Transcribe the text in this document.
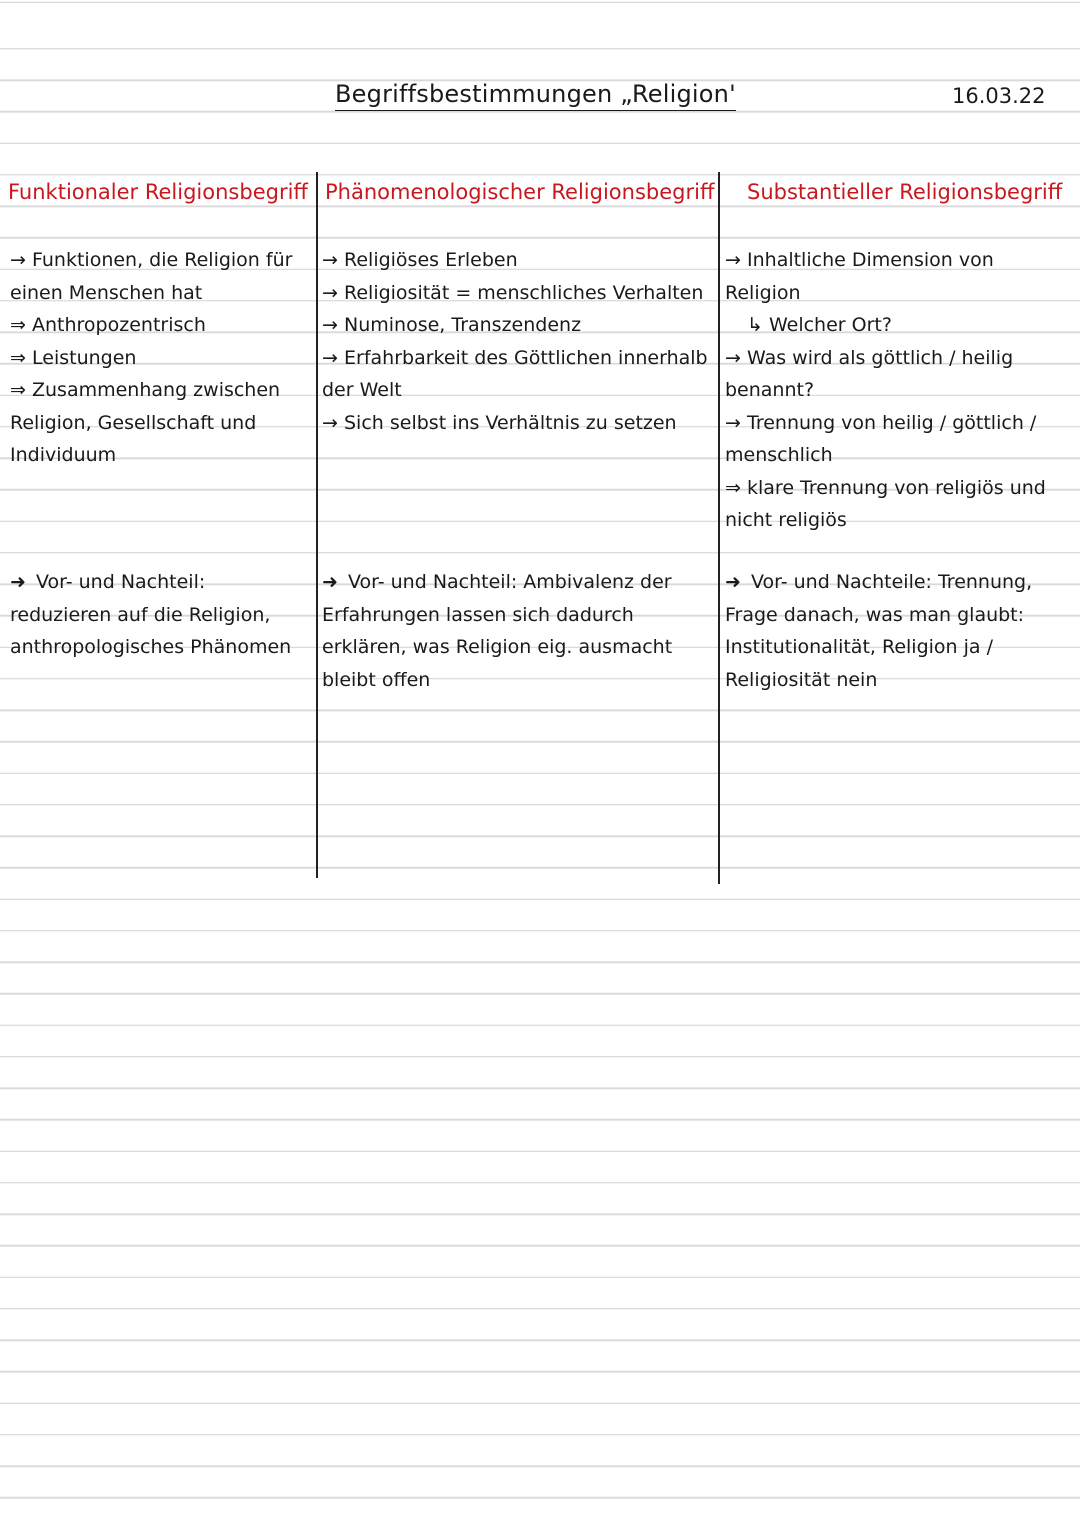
Begriffsbestimmungen „Religion'	16.03.22
Funktionaler Religionsbegriff Phänomenologischer Religionsbegriff Substantieller Religionsbegriff

→ Funktionen, die Religion für einen Menschen hat

⇒ Anthropozentrisch

⇒ Leistungen

⇒ Zusammenhang zwischen Religion, Gesellschaft und Individuum

→ Religiöses Erleben

→ Religiosität = menschliches Verhalten

→ Numinose, Transzendenz

→ Erfahrbarkeit des Göttlichen innerhalb der Welt

→ Sich selbst ins Verhältnis zu setzen

→ Inhaltliche Dimension von Religion

↳ Welcher Ort?

→ Was wird als göttlich / heilig benannt?

→ Trennung von heilig / göttlich / menschlich

⇒ klare Trennung von religiös und nicht religiös

➜ Vor- und Nachteil: reduzieren auf die Religion, anthropologisches Phänomen
➜ Vor- und Nachteil: Ambivalenz der Erfahrungen lassen sich dadurch erklären, was Religion eig. ausmacht bleibt offen
➜ Vor- und Nachteile: Trennung, Frage danach, was man glaubt: Institutionalität, Religion ja / Religiosität nein
